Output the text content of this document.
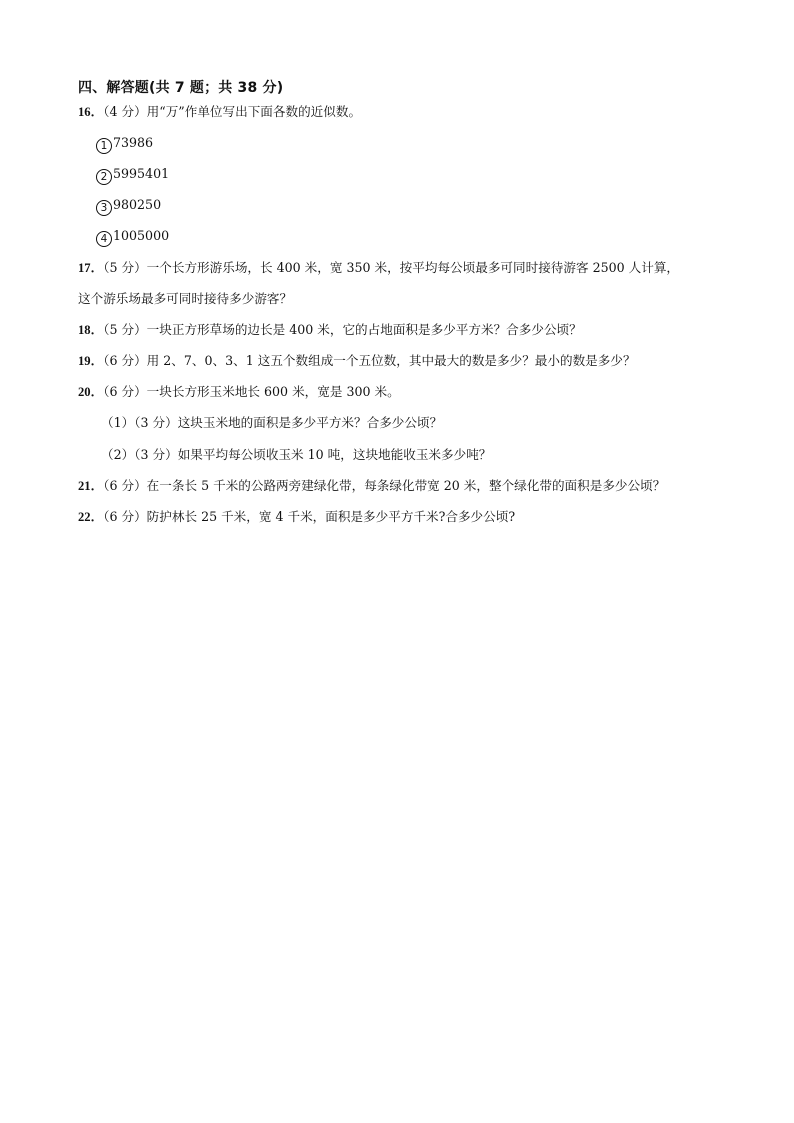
四、解答题(共 7 题；共 38 分)
16．（4 分）用“万”作单位写出下面各数的近似数。
1 73986
2 5995401
3 980250
4 1005000
17．（5 分）一个长方形游乐场，长 400 米，宽 350 米，按平均每公顷最多可同时接待游客 2500 人计算，
这个游乐场最多可同时接待多少游客？
18．（5 分）一块正方形草场的边长是 400 米，它的占地面积是多少平方米？合多少公顷？
19．（6 分）用 2、7、0、3、1 这五个数组成一个五位数，其中最大的数是多少？最小的数是多少？
20．（6 分）一块长方形玉米地长 600 米，宽是 300 米。
（1）（3 分）这块玉米地的面积是多少平方米？合多少公顷？
（2）（3 分）如果平均每公顷收玉米 10 吨，这块地能收玉米多少吨？
21．（6 分）在一条长 5 千米的公路两旁建绿化带，每条绿化带宽 20 米，整个绿化带的面积是多少公顷？
22．（6 分）防护林长 25 千米，宽 4 千米，面积是多少平方千米?合多少公顷?
